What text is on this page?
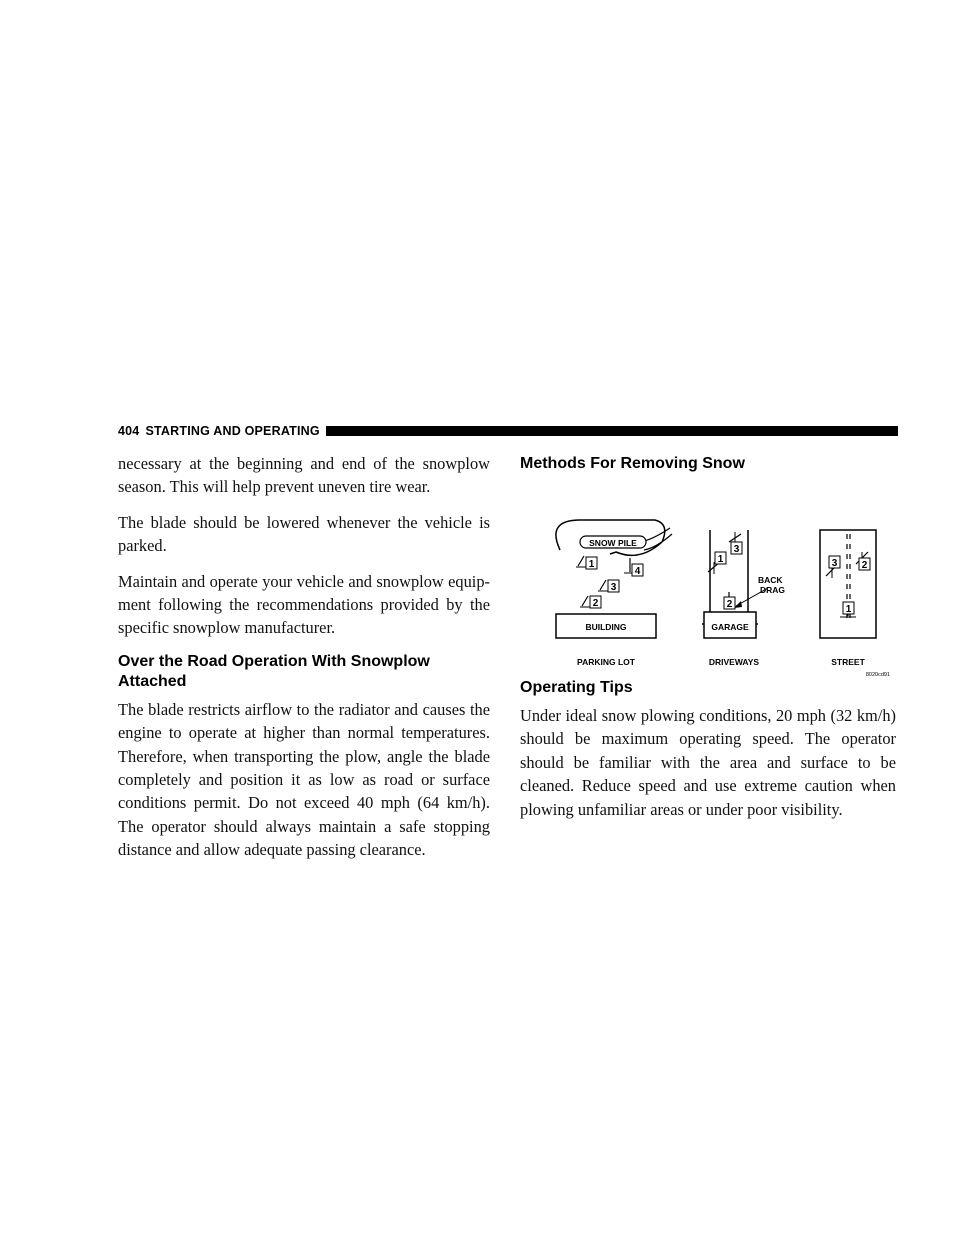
404 STARTING AND OPERATING

necessary at the beginning and end of the snowplow season. This will help prevent uneven tire wear.

The blade should be lowered whenever the vehicle is parked.

Maintain and operate your vehicle and snowplow equip- ment following the recommendations provided by the specific snowplow manufacturer.

Over the Road Operation With Snowplow Attached

The blade restricts airflow to the radiator and causes the engine to operate at higher than normal temperatures. Therefore, when transporting the plow, angle the blade completely and position it as low as road or surface conditions permit. Do not exceed 40 mph (64 km/h). The operator should always maintain a safe stopping distance and allow adequate passing clearance.

Methods For Removing Snow
SNOW PILE
1
4
3
2
BUILDING
PARKING LOT
3
1
2
BACK
DRAG
GARAGE
DRIVEWAYS
3 2
1
STREET
8020cd91
Operating Tips

Under ideal snow plowing conditions, 20 mph (32 km/h) should be maximum operating speed. The operator should be familiar with the area and surface to be cleaned. Reduce speed and use extreme caution when plowing unfamiliar areas or under poor visibility.
